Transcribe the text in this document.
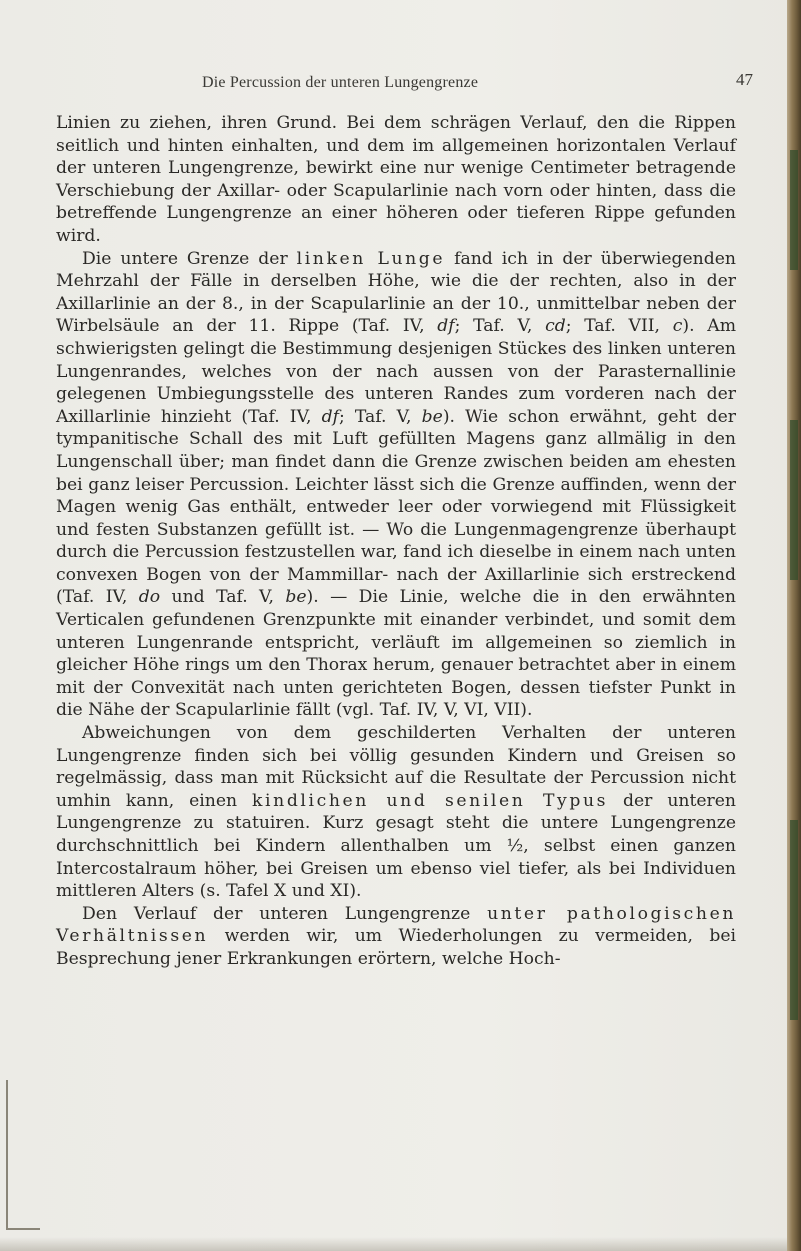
Die Percussion der unteren Lungengrenze	47

Linien zu ziehen, ihren Grund. Bei dem schrägen Verlauf, den die Rippen seitlich und hinten einhalten, und dem im allgemeinen horizontalen Verlauf der unteren Lungengrenze, bewirkt eine nur wenige Centimeter betragende Verschiebung der Axillar- oder Scapularlinie nach vorn oder hinten, dass die betreffende Lungengrenze an einer höheren oder tieferen Rippe gefunden wird.

Die untere Grenze der linken Lunge fand ich in der überwiegenden Mehrzahl der Fälle in derselben Höhe, wie die der rechten, also in der Axillarlinie an der 8., in der Scapularlinie an der 10., unmittelbar neben der Wirbelsäule an der 11. Rippe (Taf. IV, df; Taf. V, cd; Taf. VII, c). Am schwierigsten gelingt die Bestimmung desjenigen Stückes des linken unteren Lungenrandes, welches von der nach aussen von der Parasternallinie gelegenen Umbiegungsstelle des unteren Randes zum vorderen nach der Axillarlinie hinzieht (Taf. IV, df; Taf. V, be). Wie schon erwähnt, geht der tympanitische Schall des mit Luft gefüllten Magens ganz allmälig in den Lungenschall über; man findet dann die Grenze zwischen beiden am ehesten bei ganz leiser Percussion. Leichter lässt sich die Grenze auffinden, wenn der Magen wenig Gas enthält, entweder leer oder vorwiegend mit Flüssigkeit und festen Substanzen gefüllt ist. — Wo die Lungenmagengrenze überhaupt durch die Percussion festzustellen war, fand ich dieselbe in einem nach unten convexen Bogen von der Mammillar- nach der Axillarlinie sich erstreckend (Taf. IV, do und Taf. V, be). — Die Linie, welche die in den erwähnten Verticalen gefundenen Grenzpunkte mit einander verbindet, und somit dem unteren Lungenrande entspricht, verläuft im allgemeinen so ziemlich in gleicher Höhe rings um den Thorax herum, genauer betrachtet aber in einem mit der Convexität nach unten gerichteten Bogen, dessen tiefster Punkt in die Nähe der Scapularlinie fällt (vgl. Taf. IV, V, VI, VII).

Abweichungen von dem geschilderten Verhalten der unteren Lungengrenze finden sich bei völlig gesunden Kindern und Greisen so regelmässig, dass man mit Rücksicht auf die Resultate der Percussion nicht umhin kann, einen kindlichen und senilen Typus der unteren Lungengrenze zu statuiren. Kurz gesagt steht die untere Lungengrenze durchschnittlich bei Kindern allenthalben um ½, selbst einen ganzen Intercostalraum höher, bei Greisen um ebenso viel tiefer, als bei Individuen mittleren Alters (s. Tafel X und XI).

Den Verlauf der unteren Lungengrenze unter pathologischen Verhältnissen werden wir, um Wiederholungen zu vermeiden, bei Besprechung jener Erkrankungen erörtern, welche Hoch-
